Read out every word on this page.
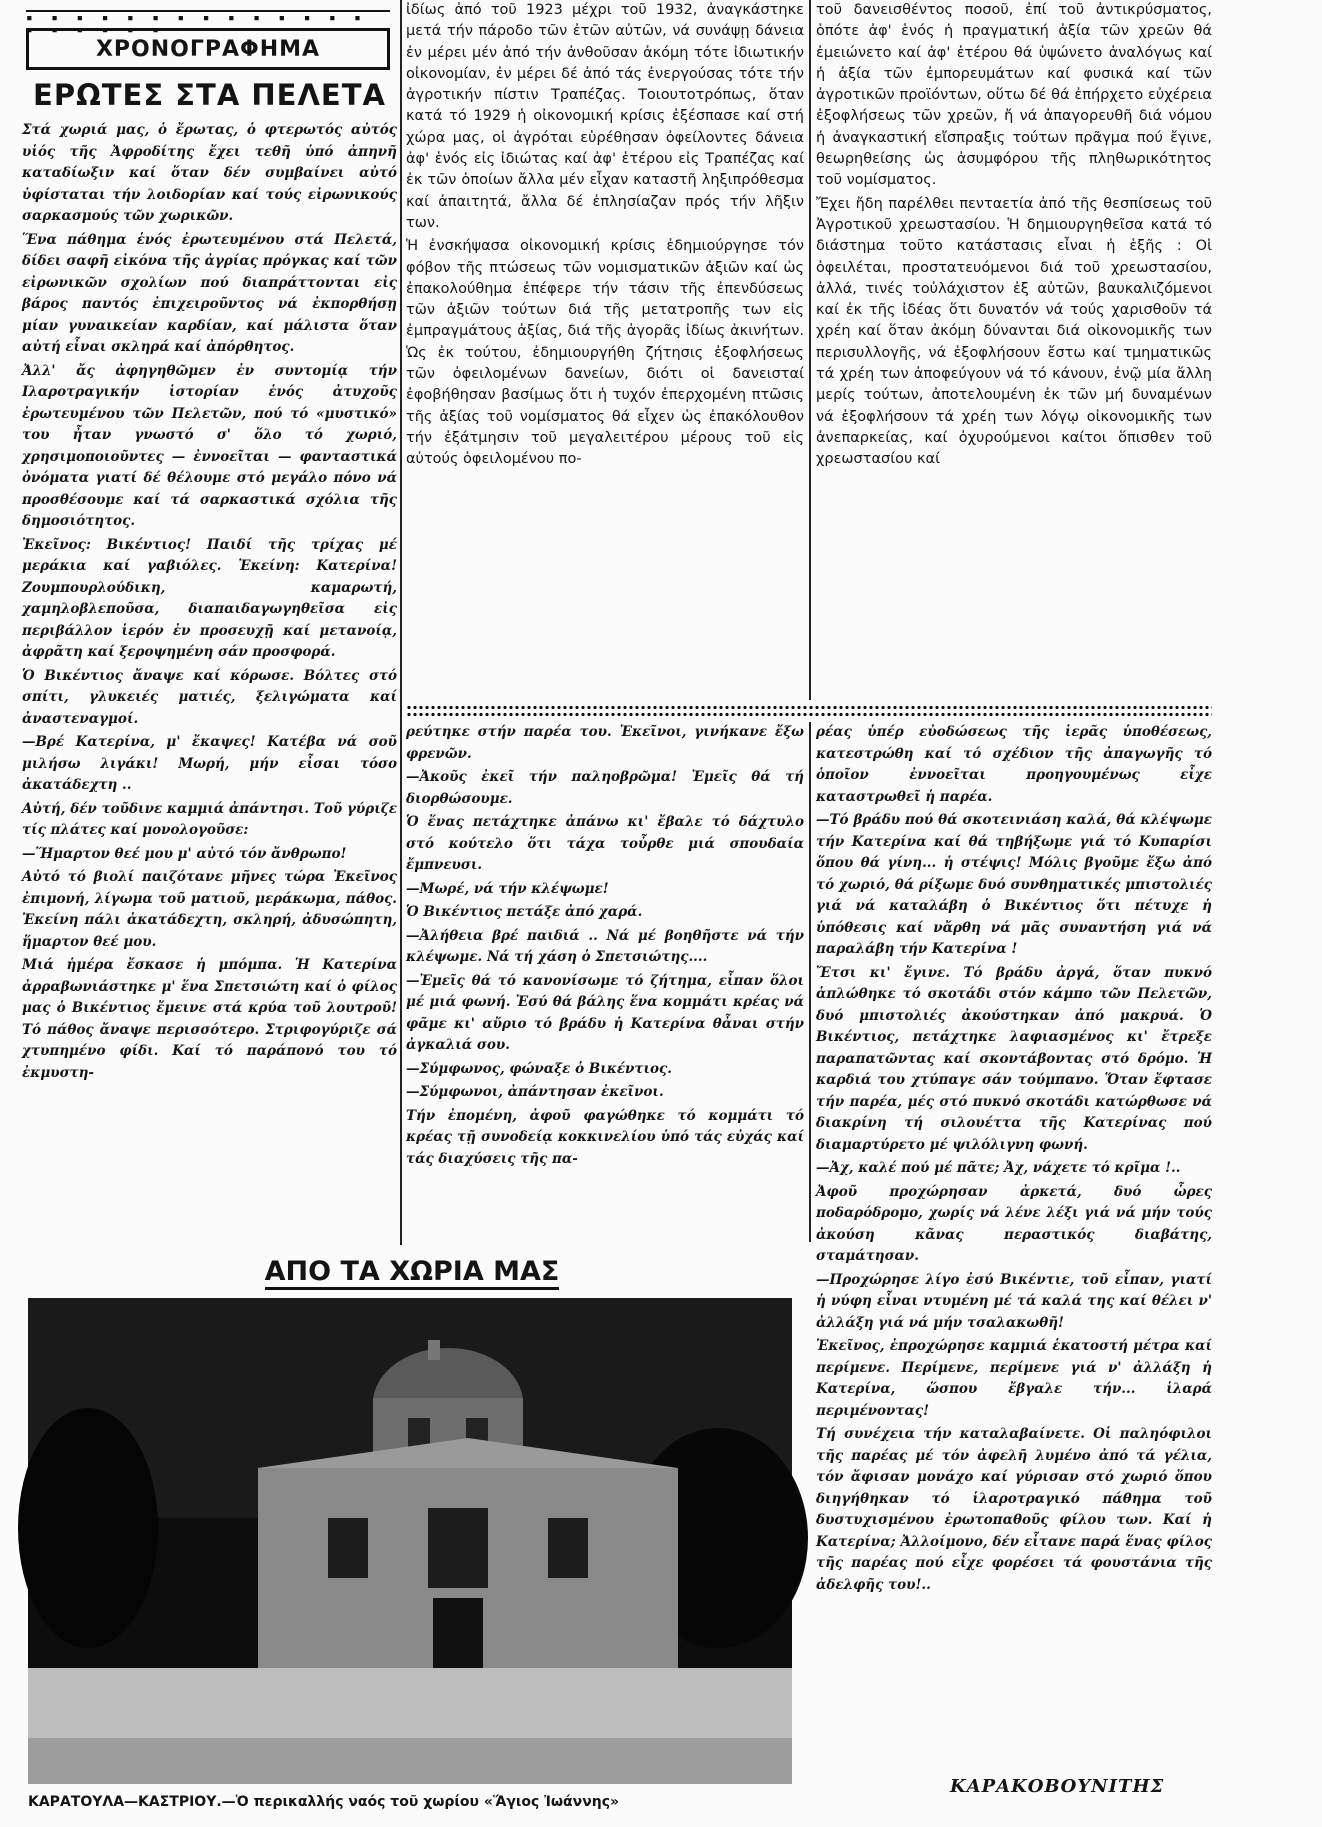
▪ ▪ ▪ ▪ ▪ ▪ ▪ ▪ ▪ ▪ ▪ ▪ ▪ ▪ ▪ ▪ ▪ ▪ ▪ ▪
ΧΡΟΝΟΓΡΑΦΗΜΑ
ΕΡΩΤΕΣ ΣΤΑ ΠΕΛΕΤΑ

Στά χωριά μας, ὁ ἔρωτας, ὁ φτερωτός αὐτός υἱός τῆς Ἀφροδίτης ἔχει τεθῆ ὑπό ἀπηνῆ καταδίωξιν καί ὅταν δέν συμβαίνει αὐτό ὑφίσταται τήν λοιδορίαν καί τούς εἰρωνικούς σαρκασμούς τῶν χωρικῶν.

Ἕνα πάθημα ἑνός ἐρωτευμένου στά Πελετά, δίδει σαφῆ εἰκόνα τῆς ἀγρίας πρόγκας καί τῶν εἰρωνικῶν σχολίων πού διαπράττονται εἰς βάρος παντός ἐπιχειροῦντος νά ἐκπορθήσῃ μίαν γυναικείαν καρδίαν, καί μάλιστα ὅταν αὐτή εἶναι σκληρά καί ἀπόρθητος.

Ἀλλ' ἄς ἀφηγηθῶμεν ἐν συντομίᾳ τήν Ιλαροτραγικήν ἱστορίαν ἑνός ἀτυχοῦς ἐρωτευμένου τῶν Πελετῶν, πού τό «μυστικό» του ἦταν γνωστό σ' ὅλο τό χωριό, χρησιμοποιοῦντες — ἐννοεῖται — φανταστικά ὀνόματα γιατί δέ θέλουμε στό μεγάλο πόνο νά προσθέσουμε καί τά σαρκαστικά σχόλια τῆς δημοσιότητος.

Ἐκεῖνος: Βικέντιος! Παιδί τῆς τρίχας μέ μεράκια καί γαβιόλες. Ἐκείνη: Κατερίνα! Ζουμπουρλούδικη, καμαρωτή, χαμηλοβλεποῦσα, διαπαιδαγωγηθεῖσα εἰς περιβάλλον ἱερόν ἐν προσευχῇ καί μετανοίᾳ, ἀφρᾶτη καί ξεροψημένη σάν προσφορά.

Ὁ Βικέντιος ἄναψε καί κόρωσε. Βόλτες στό σπίτι, γλυκειές ματιές, ξελιγώματα καί ἀναστεναγμοί.

—Βρέ Κατερίνα, μ' ἔκαψες! Κατέβα νά σοῦ μιλήσω λιγάκι! Μωρή, μήν εἶσαι τόσο ἀκατάδεχτη ..

Αὐτή, δέν τοῦδινε καμμιά ἀπάντησι. Τοῦ γύριζε τίς πλάτες καί μονολογοῦσε:

—Ἥμαρτον θεέ μου μ' αὐτό τόν ἄνθρωπο!

Αὐτό τό βιολί παιζότανε μῆνες τώρα Ἐκεῖνος ἐπιμονή, λίγωμα τοῦ ματιοῦ, μεράκωμα, πάθος. Ἐκείνη πάλι ἀκατάδεχτη, σκληρή, ἀδυσώπητη, ἥμαρτον θεέ μου.

Μιά ἡμέρα ἔσκασε ἡ μπόμπα. Ἡ Κατερίνα ἀρραβωνιάστηκε μ' ἕνα Σπετσιώτη καί ὁ φίλος μας ὁ Βικέντιος ἔμεινε στά κρύα τοῦ λουτροῦ! Τό πάθος ἄναψε περισσότερο. Στριφογύριζε σά χτυπημένο φίδι. Καί τό παράπονό του τό ἐκμυστη-

ἰδίως ἀπό τοῦ 1923 μέχρι τοῦ 1932, ἀναγκάστηκε μετά τήν πάροδο τῶν ἐτῶν αὐτῶν, νά συνάψῃ δάνεια ἐν μέρει μέν ἀπό τήν ἀνθοῦσαν ἀκόμη τότε ἰδιωτικήν οἰκονομίαν, ἐν μέρει δέ ἀπό τάς ἐνεργούσας τότε τήν ἀγροτικήν πίστιν Τραπέζας. Τοιουτοτρόπως, ὅταν κατά τό 1929 ἡ οἰκονομική κρίσις ἐξέσπασε καί στή χώρα μας, οἱ ἀγρόται εὑρέθησαν ὀφείλοντες δάνεια ἀφ' ἑνός εἰς ἰδιώτας καί ἀφ' ἑτέρου εἰς Τραπέζας καί ἐκ τῶν ὁποίων ἄλλα μέν εἶχαν καταστῆ ληξιπρόθεσμα καί ἀπαιτητά, ἄλλα δέ ἐπλησίαζαν πρός τήν λῆξιν των.

Ἡ ἐνσκήψασα οἰκονομική κρίσις ἐδημιούργησε τόν φόβον τῆς πτώσεως τῶν νομισματικῶν ἀξιῶν καί ὡς ἐπακολούθημα ἐπέφερε τήν τάσιν τῆς ἐπενδύσεως τῶν ἀξιῶν τούτων διά τῆς μετατροπῆς των εἰς ἐμπραγμάτους ἀξίας, διά τῆς ἀγορᾶς ἰδίως ἀκινήτων. Ὡς ἐκ τούτου, ἐδημιουργήθη ζήτησις ἐξοφλήσεως τῶν ὀφειλομένων δανείων, διότι οἱ δανεισταί ἐφοβήθησαν βασίμως ὅτι ἡ τυχόν ἐπερχομένη πτῶσις τῆς ἀξίας τοῦ νομίσματος θά εἶχεν ὡς ἐπακόλουθον τήν ἐξάτμησιν τοῦ μεγαλειτέρου μέρους τοῦ εἰς αὐτούς ὀφειλομένου πο-

τοῦ δανεισθέντος ποσοῦ, ἐπί τοῦ ἀντικρύσματος, ὁπότε ἀφ' ἑνός ἡ πραγματική ἀξία τῶν χρεῶν θά ἐμειώνετο καί ἀφ' ἑτέρου θά ὑψώνετο ἀναλόγως καί ἡ ἀξία τῶν ἐμπορευμάτων καί φυσικά καί τῶν ἀγροτικῶν προϊόντων, οὕτω δέ θά ἐπήρχετο εὐχέρεια ἐξοφλήσεως τῶν χρεῶν, ἤ νά ἀπαγορευθῆ διά νόμου ἡ ἀναγκαστική εἴσπραξις τούτων πρᾶγμα πού ἔγινε, θεωρηθείσης ὡς ἀσυμφόρου τῆς πληθωρικότητος τοῦ νομίσματος.

Ἔχει ἤδη παρέλθει πενταετία ἀπό τῆς θεσπίσεως τοῦ Ἀγροτικοῦ χρεωστασίου. Ἡ δημιουργηθεῖσα κατά τό διάστημα τοῦτο κατάστασις εἶναι ἡ ἑξῆς : Οἱ ὀφειλέται, προστατευόμενοι διά τοῦ χρεωστασίου, ἀλλά, τινές τοὐλάχιστον ἐξ αὐτῶν, βαυκαλιζόμενοι καί ἐκ τῆς ἰδέας ὅτι δυνατόν νά τούς χαρισθοῦν τά χρέη καί ὅταν ἀκόμη δύνανται διά οἰκονομικῆς των περισυλλογῆς, νά ἐξοφλήσουν ἔστω καί τμηματικῶς τά χρέη των ἀποφεύγουν νά τό κάνουν, ἐνῷ μία ἄλλη μερίς τούτων, ἀποτελουμένη ἐκ τῶν μή δυναμένων νά ἐξοφλήσουν τά χρέη των λόγῳ οἰκονομικῆς των ἀνεπαρκείας, καί ὀχυρούμενοι καίτοι ὅπισθεν τοῦ χρεωστασίου καί

ρεύτηκε στήν παρέα του. Ἐκεῖνοι, γινήκανε ἔξω φρενῶν.

—Ἀκοῦς ἐκεῖ τήν παληοβρῶμα! Ἐμεῖς θά τή διορθώσουμε.

Ὁ ἕνας πετάχτηκε ἀπάνω κι' ἔβαλε τό δάχτυλο στό κούτελο ὅτι τάχα τοὖρθε μιά σπουδαία ἔμπνευσι.

—Μωρέ, νά τήν κλέψωμε!

Ὁ Βικέντιος πετάξε ἀπό χαρά.

—Ἀλήθεια βρέ παιδιά .. Νά μέ βοηθῆστε νά τήν κλέψωμε. Νά τή χάση ὁ Σπετσιώτης....

—Ἐμεῖς θά τό κανονίσωμε τό ζήτημα, εἶπαν ὅλοι μέ μιά φωνή. Ἐσύ θά βάλης ἕνα κομμάτι κρέας νά φᾶμε κι' αὔριο τό βράδυ ἡ Κατερίνα θἆναι στήν ἀγκαλιά σου.

—Σύμφωνος, φώναξε ὁ Βικέντιος.

—Σύμφωνοι, ἀπάντησαν ἐκεῖνοι.

Τήν ἐπομένη, ἀφοῦ φαγώθηκε τό κομμάτι τό κρέας τῇ συνοδείᾳ κοκκινελίου ὑπό τάς εὐχάς καί τάς διαχύσεις τῆς πα-

ρέας ὑπέρ εὐοδώσεως τῆς ἱερᾶς ὑποθέσεως, κατεστρώθη καί τό σχέδιον τῆς ἀπαγωγῆς τό ὁποῖον ἐννοεῖται προηγουμένως εἶχε καταστρωθεῖ ἡ παρέα.

—Τό βράδυ πού θά σκοτεινιάση καλά, θά κλέψωμε τήν Κατερίνα καί θά τηβήξωμε γιά τό Κυπαρίσι ὅπου θά γίνη... ἡ στέψις! Μόλις βγοῦμε ἔξω ἀπό τό χωριό, θά ρίξωμε δυό συνθηματικές μπιστολιές γιά νά καταλάβη ὁ Βικέντιος ὅτι πέτυχε ἡ ὑπόθεσις καί νἄρθη νά μᾶς συναντήση γιά νά παραλάβη τήν Κατερίνα !

Ἔτσι κι' ἔγινε. Τό βράδυ ἀργά, ὅταν πυκνό ἁπλώθηκε τό σκοτάδι στόν κάμπο τῶν Πελετῶν, δυό μπιστολιές ἀκούστηκαν ἀπό μακρυά. Ὁ Βικέντιος, πετάχτηκε λαφιασμένος κι' ἔτρεξε παραπατῶντας καί σκοντάβοντας στό δρόμο. Ἡ καρδιά του χτύπαγε σάν τούμπανο. Ὅταν ἔφτασε τήν παρέα, μές στό πυκνό σκοτάδι κατώρθωσε νά διακρίνη τή σιλουέττα τῆς Κατερίνας πού διαμαρτύρετο μέ ψιλόλιγνη φωνή.

—Ἀχ, καλέ πού μέ πᾶτε; Ἀχ, νάχετε τό κρῖμα !..

Ἀφοῦ προχώρησαν ἀρκετά, δυό ὧρες ποδαρόδρομο, χωρίς νά λένε λέξι γιά νά μήν τούς ἀκούση κᾶνας περαστικός διαβάτης, σταμάτησαν.

—Προχώρησε λίγο ἐσύ Βικέντιε, τοῦ εἶπαν, γιατί ἡ νύφη εἶναι ντυμένη μέ τά καλά της καί θέλει ν' ἀλλάξη γιά νά μήν τσαλακωθῆ!

Ἐκεῖνος, ἐπροχώρησε καμμιά ἑκατοστή μέτρα καί περίμενε. Περίμενε, περίμενε γιά ν' ἀλλάξη ἡ Κατερίνα, ὥσπου ἔβγαλε τήν... ἱλαρά περιμένοντας!

Τή συνέχεια τήν καταλαβαίνετε. Οἱ παληόφιλοι τῆς παρέας μέ τόν ἀφελῆ λυμένο ἀπό τά γέλια, τόν ἄφισαν μονάχο καί γύρισαν στό χωριό ὅπου διηγήθηκαν τό ἱλαροτραγικό πάθημα τοῦ δυστυχισμένου ἐρωτοπαθοῦς φίλου των. Καί ἡ Κατερίνα; Ἀλλοίμονο, δέν εἶτανε παρά ἕνας φίλος τῆς παρέας πού εἶχε φορέσει τά φουστάνια τῆς ἀδελφῆς του!..

ΚΑΡΑΚΟΒΟΥΝΙΤΗΣ
ΑΠΟ ΤΑ ΧΩΡΙΑ ΜΑΣ
ΚΑΡΑΤΟΥΛΑ—ΚΑΣΤΡΙΟΥ.—Ὁ περικαλλής ναός τοῦ χωρίου «Ἅγιος Ἰωάννης»
